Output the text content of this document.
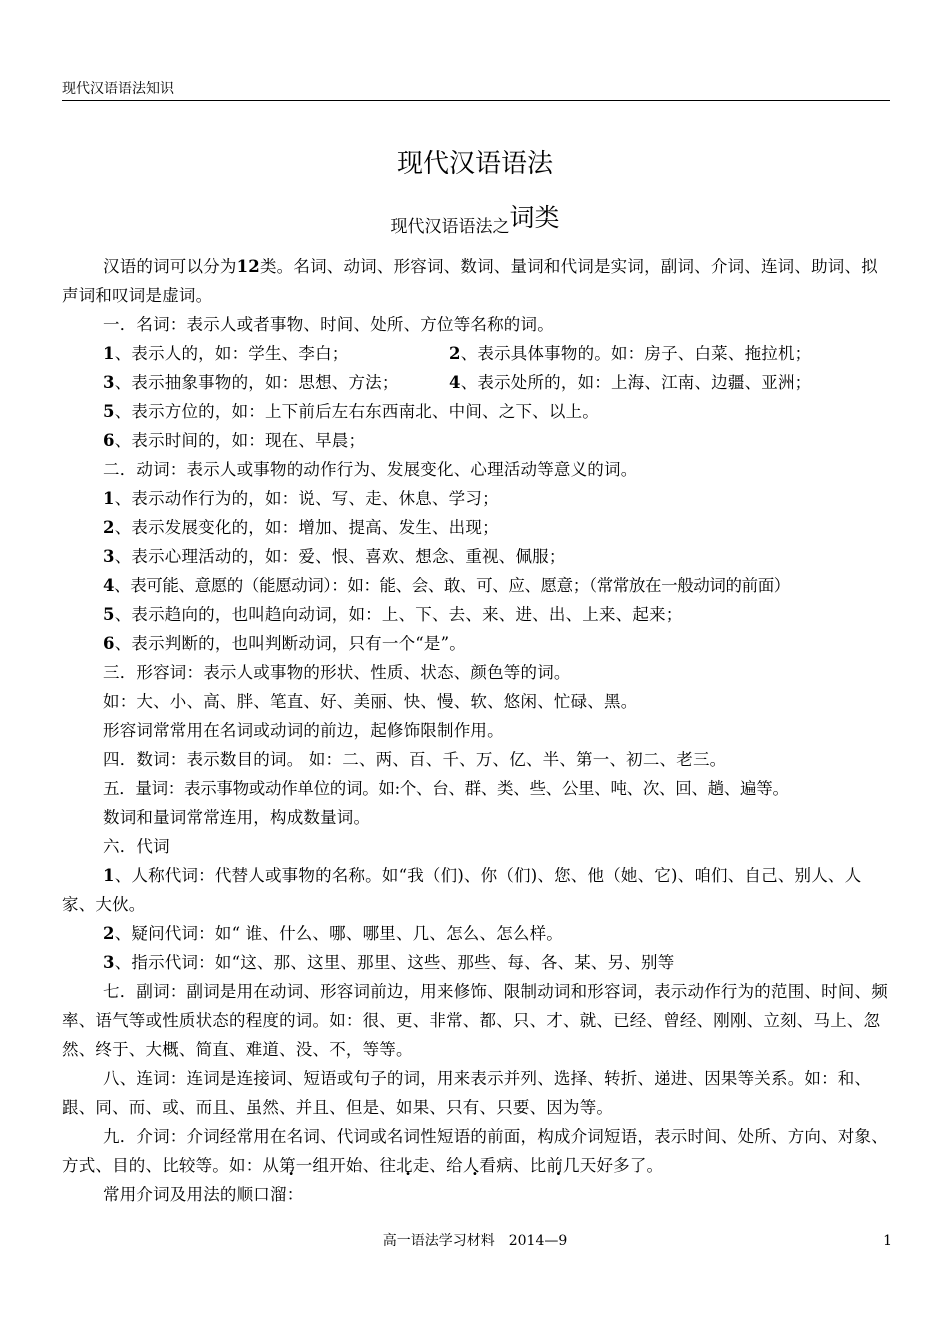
现代汉语语法知识
现代汉语语法
现代汉语语法之词类

汉语的词可以分为12类。名词、动词、形容词、数词、量词和代词是实词，副词、介词、连词、助词、拟声词和叹词是虚词。

一．名词：表示人或者事物、时间、处所、方位等名称的词。

1、表示人的，如：学生、李白；	2、表示具体事物的。如：房子、白菜、拖拉机；

3、表示抽象事物的，如：思想、方法；	4、表示处所的，如：上海、江南、边疆、亚洲；

5、表示方位的，如：上下前后左右东西南北、中间、之下、以上。

6、表示时间的，如：现在、早晨；

二．动词：表示人或事物的动作行为、发展变化、心理活动等意义的词。

1、表示动作行为的，如：说、写、走、休息、学习；

2、表示发展变化的，如：增加、提高、发生、出现；

3、表示心理活动的，如：爱、恨、喜欢、想念、重视、佩服；

4、表可能、意愿的（能愿动词）：如：能、会、敢、可、应、愿意；（常常放在一般动词的前面）

5、表示趋向的，也叫趋向动词，如：上、下、去、来、进、出、上来、起来；

6、表示判断的，也叫判断动词，只有一个“是”。

三．形容词：表示人或事物的形状、性质、状态、颜色等的词。

如：大、小、高、胖、笔直、好、美丽、快、慢、软、悠闲、忙碌、黑。

形容词常常用在名词或动词的前边，起修饰限制作用。

四．数词：表示数目的词。 如：二、两、百、千、万、亿、半、第一、初二、老三。

五．量词：表示事物或动作单位的词。如:个、台、群、类、些、公里、吨、次、回、趟、遍等。

数词和量词常常连用，构成数量词。

六．代词

1、人称代词：代替人或事物的名称。如“我（们)、你（们)、您、他（她、它)、咱们、自己、别人、人家、大伙。

2、疑问代词：如“ 谁、什么、哪、哪里、几、怎么、怎么样。

3、指示代词：如“这、那、这里、那里、这些、那些、每、各、某、另、别等

七．副词：副词是用在动词、形容词前边，用来修饰、限制动词和形容词，表示动作行为的范围、时间、频率、语气等或性质状态的程度的词。如：很、更、非常、都、只、才、就、已经、曾经、刚刚、立刻、马上、忽然、终于、大概、简直、难道、没、不，等等。

八、连词：连词是连接词、短语或句子的词，用来表示并列、选择、转折、递进、因果等关系。如：和、跟、同、而、或、而且、虽然、并且、但是、如果、只有、只要、因为等。

九．介词：介词经常用在名词、代词或名词性短语的前面，构成介词短语，表示时间、处所、方向、对象、方式、目的、比较等。如：从第一组开始、往北走、给人看病、比前几天好多了。

常用介词及用法的顺口溜：

高一语法学习材料　2014—9	1
